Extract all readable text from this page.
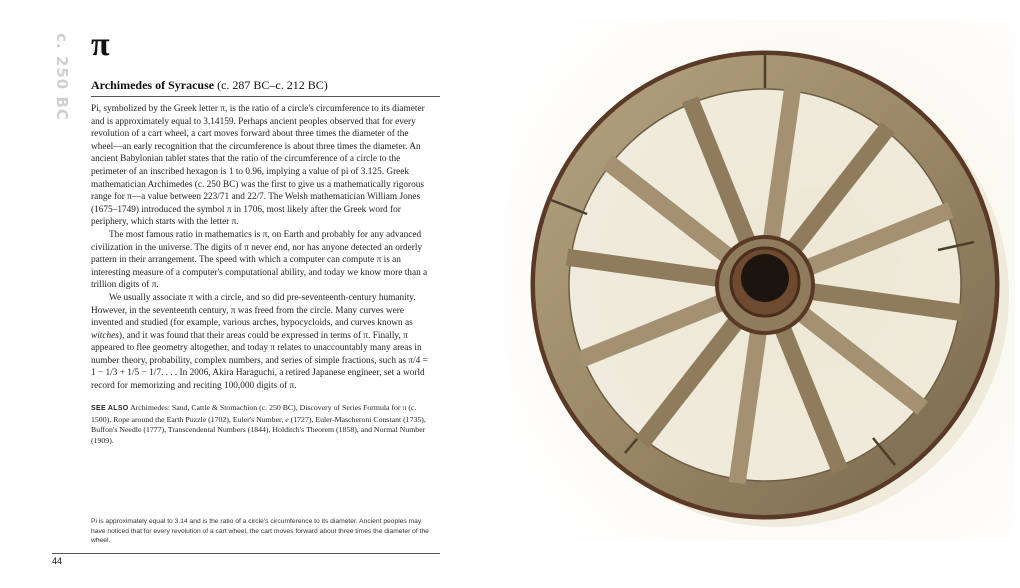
c. 250 BC π
Archimedes of Syracuse (c. 287 BC–c. 212 BC)

Pi, symbolized by the Greek letter π, is the ratio of a circle's circumference to its diameter and is approximately equal to 3.14159. Perhaps ancient peoples observed that for every revolution of a cart wheel, a cart moves forward about three times the diameter of the wheel—an early recognition that the circumference is about three times the diameter. An ancient Babylonian tablet states that the ratio of the circumference of a circle to the perimeter of an inscribed hexagon is 1 to 0.96, implying a value of pi of 3.125. Greek mathematician Archimedes (c. 250 BC) was the first to give us a mathematically rigorous range for π—a value between 223/71 and 22/7. The Welsh mathematician William Jones (1675–1749) introduced the symbol π in 1706, most likely after the Greek word for periphery, which starts with the letter π.

The most famous ratio in mathematics is π, on Earth and probably for any advanced civilization in the universe. The digits of π never end, nor has anyone detected an orderly pattern in their arrangement. The speed with which a computer can compute π is an interesting measure of a computer's computational ability, and today we know more than a trillion digits of π.

We usually associate π with a circle, and so did pre-seventeenth-century humanity. However, in the seventeenth century, π was freed from the circle. Many curves were invented and studied (for example, various arches, hypocycloids, and curves known as witches), and it was found that their areas could be expressed in terms of π. Finally, π appeared to flee geometry altogether, and today π relates to unaccountably many areas in number theory, probability, complex numbers, and series of simple fractions, such as π/4 = 1 − 1/3 + 1/5 − 1/7. . . . In 2006, Akira Haraguchi, a retired Japanese engineer, set a world record for memorizing and reciting 100,000 digits of π.

SEE ALSO Archimedes: Sand, Cattle & Stomachion (c. 250 BC), Discovery of Series Formula for π (c. 1500), Rope around the Earth Puzzle (1702), Euler's Number, e (1727), Euler-Mascheroni Constant (1735), Buffon's Needle (1777), Transcendental Numbers (1844), Holditch's Theorem (1858), and Normal Number (1909).
Pi is approximately equal to 3.14 and is the ratio of a circle's circumference to its diameter. Ancient peoples may have noticed that for every revolution of a cart wheel, the cart moves forward about three times the diameter of the wheel.
44
